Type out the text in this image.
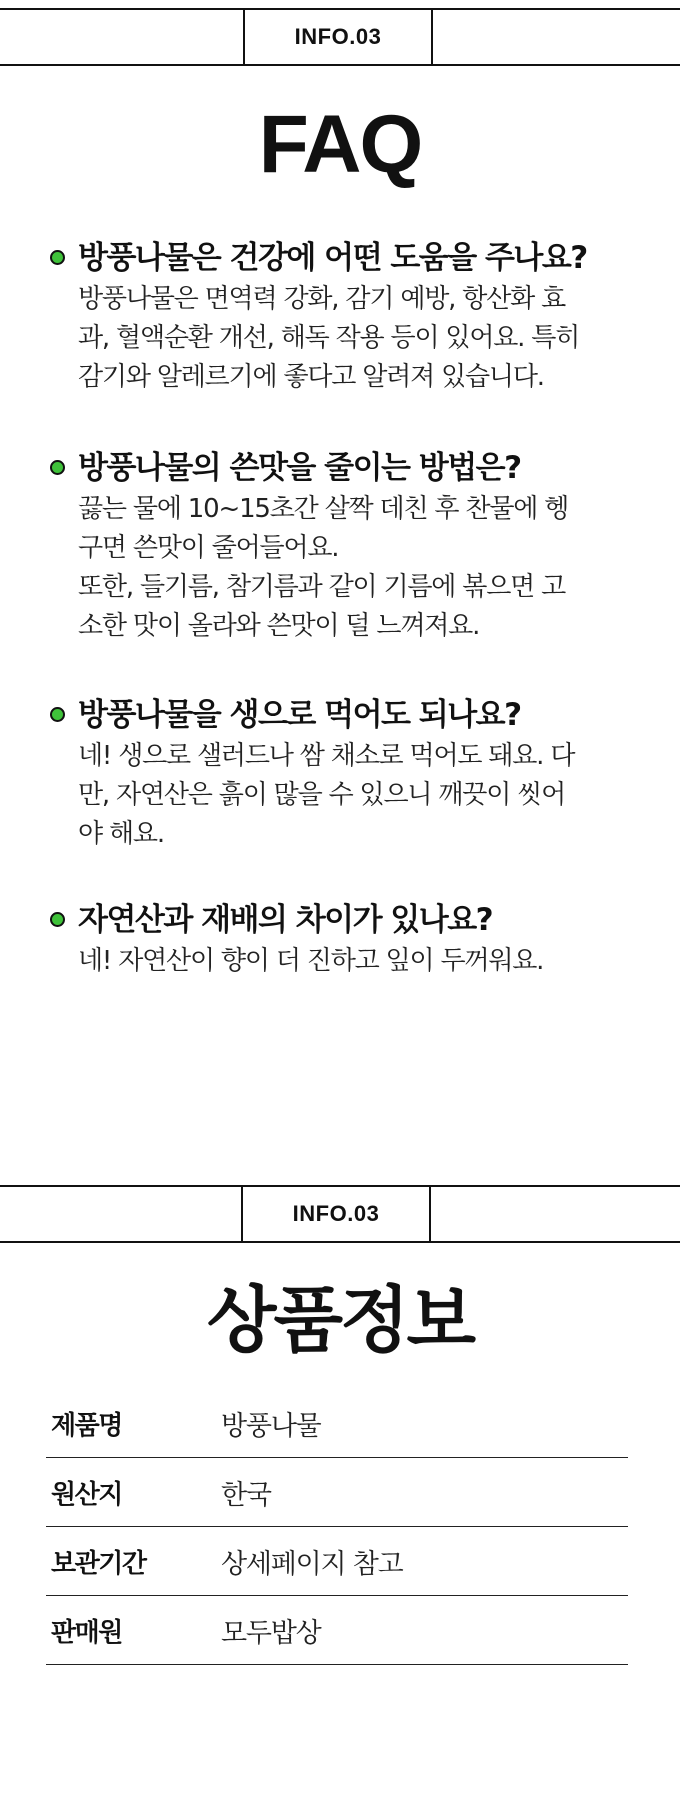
INFO.03
FAQ
방풍나물은 건강에 어떤 도움을 주나요?
방풍나물은 면역력 강화, 감기 예방, 항산화 효
과, 혈액순환 개선, 해독 작용 등이 있어요. 특히
감기와 알레르기에 좋다고 알려져 있습니다.
방풍나물의 쓴맛을 줄이는 방법은?
끓는 물에 10~15초간 살짝 데친 후 찬물에 헹
구면 쓴맛이 줄어들어요.
또한, 들기름, 참기름과 같이 기름에 볶으면 고
소한 맛이 올라와 쓴맛이 덜 느껴져요.
방풍나물을 생으로 먹어도 되나요?
네! 생으로 샐러드나 쌈 채소로 먹어도 돼요. 다
만, 자연산은 흙이 많을 수 있으니 깨끗이 씻어
야 해요.
자연산과 재배의 차이가 있나요?
네! 자연산이 향이 더 진하고 잎이 두꺼워요.
INFO.03
상품정보
제품명	방풍나물
원산지	한국
보관기간	상세페이지 참고
판매원	모두밥상
